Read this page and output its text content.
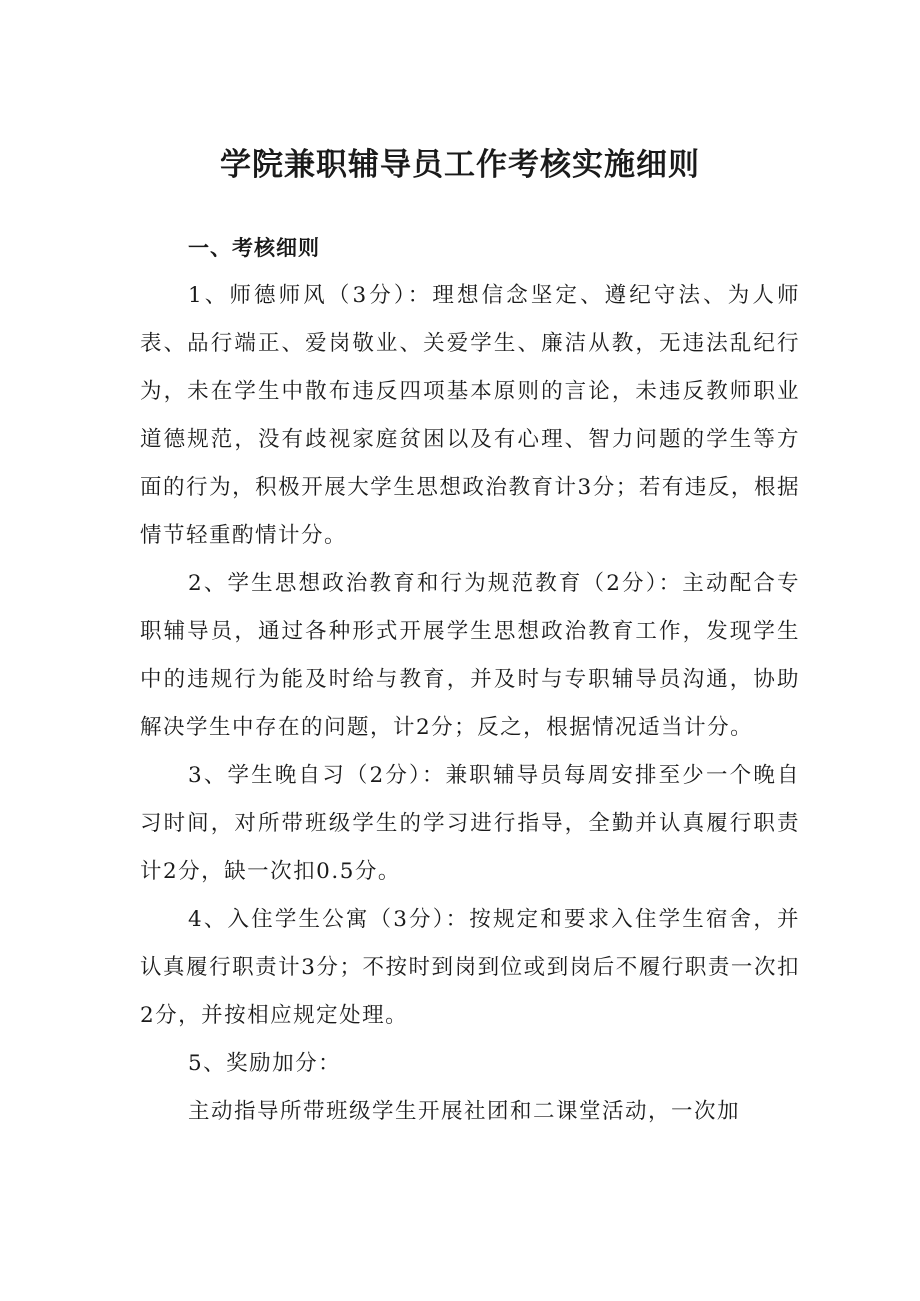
学院兼职辅导员工作考核实施细则

一、考核细则

1、师德师风（3分）：理想信念坚定、遵纪守法、为人师表、品行端正、爱岗敬业、关爱学生、廉洁从教，无违法乱纪行为，未在学生中散布违反四项基本原则的言论，未违反教师职业道德规范，没有歧视家庭贫困以及有心理、智力问题的学生等方面的行为，积极开展大学生思想政治教育计3分；若有违反，根据情节轻重酌情计分。

2、学生思想政治教育和行为规范教育（2分）：主动配合专职辅导员，通过各种形式开展学生思想政治教育工作，发现学生中的违规行为能及时给与教育，并及时与专职辅导员沟通，协助解决学生中存在的问题，计2分；反之，根据情况适当计分。

3、学生晚自习（2分）：兼职辅导员每周安排至少一个晚自习时间，对所带班级学生的学习进行指导，全勤并认真履行职责计2分，缺一次扣0.5分。

4、入住学生公寓（3分）：按规定和要求入住学生宿舍，并认真履行职责计3分；不按时到岗到位或到岗后不履行职责一次扣2分，并按相应规定处理。

5、奖励加分：

主动指导所带班级学生开展社团和二课堂活动，一次加
